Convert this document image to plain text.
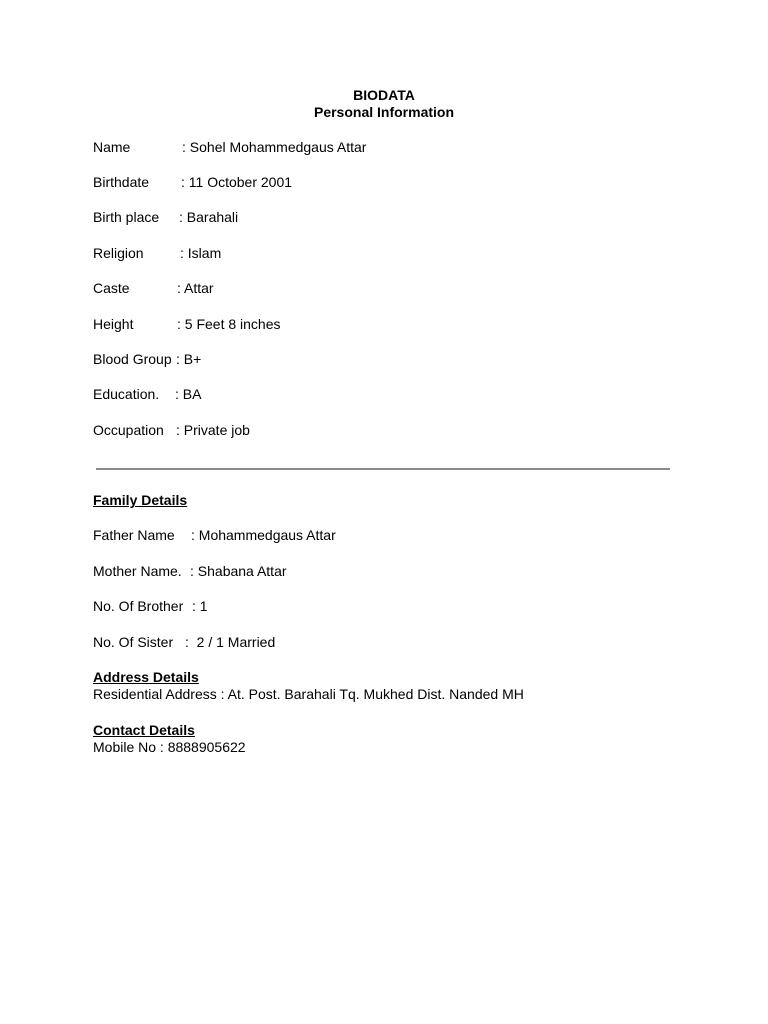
BIODATA
Personal Information
Name	: Sohel Mohammedgaus Attar
Birthdate : 11 October 2001
Birth place : Barahali
Religion	: Islam
Caste	: Attar
Height	: 5 Feet 8 inches
Blood Group : B+
Education. : BA
Occupation : Private job
Family Details
Father Name : Mohammedgaus Attar
Mother Name. : Shabana Attar
No. Of Brother : 1
No. Of Sister :  2 / 1 Married
Address Details
Residential Address : At. Post. Barahali Tq. Mukhed Dist. Nanded MH
Contact Details
Mobile No : 8888905622
